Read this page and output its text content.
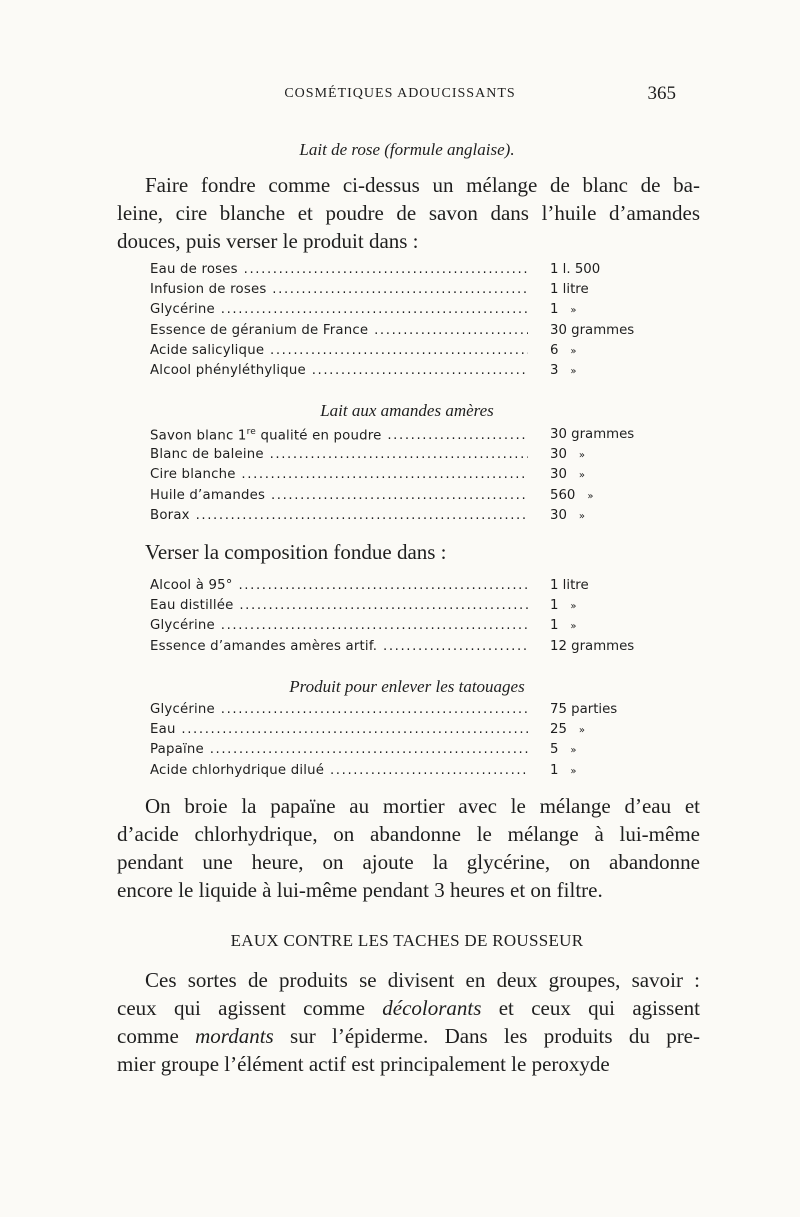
COSMÉTIQUES ADOUCISSANTS	365
Lait de rose (formule anglaise).
Faire fondre comme ci-dessus un mélange de blanc de ba-
leine, cire blanche et poudre de savon dans l’huile d’amandes
douces, puis verser le produit dans :
Eau de roses .....	1 l. 500
Infusion de roses .....	1 litre
Glycérine .....	1 »
Essence de géranium de France .....	30 grammes
Acide salicylique .....	6 »
Alcool phényléthylique .....	3 »
Lait aux amandes amères
Savon blanc 1re qualité en poudre .....	30 grammes
Blanc de baleine .....	30 »
Cire blanche .....	30 »
Huile d’amandes .....	560 »
Borax .....	30 »
Verser la composition fondue dans :
Alcool à 95° .....	1 litre
Eau distillée .....	1 »
Glycérine .....	1 »
Essence d’amandes amères artif. .....	12 grammes
Produit pour enlever les tatouages
Glycérine .....	75 parties
Eau .....	25 »
Papaïne .....	5 »
Acide chlorhydrique dilué .....	1 »
On broie la papaïne au mortier avec le mélange d’eau et
d’acide chlorhydrique, on abandonne le mélange à lui-même
pendant une heure, on ajoute la glycérine, on abandonne
encore le liquide à lui-même pendant 3 heures et on filtre.
EAUX CONTRE LES TACHES DE ROUSSEUR
Ces sortes de produits se divisent en deux groupes, savoir :
ceux qui agissent comme décolorants et ceux qui agissent
comme mordants sur l’épiderme. Dans les produits du pre-
mier groupe l’élément actif est principalement le peroxyde
